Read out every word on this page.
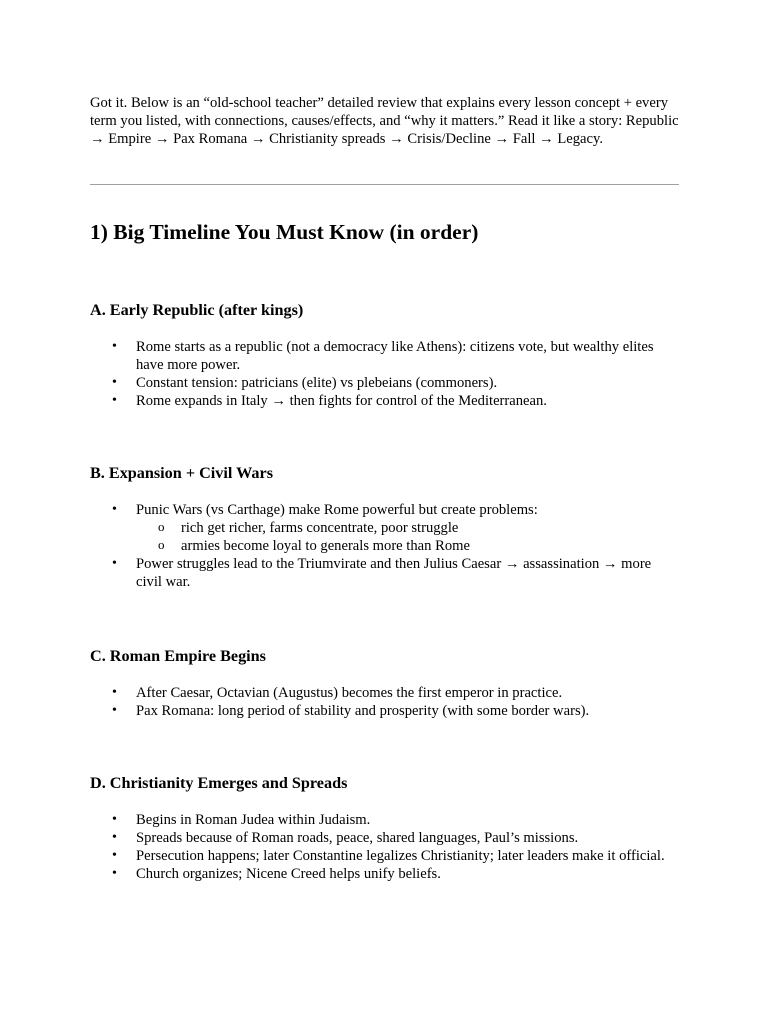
Got it. Below is an “old-school teacher” detailed review that explains every lesson concept + every term you listed, with connections, causes/effects, and “why it matters.” Read it like a story: Republic → Empire → Pax Romana → Christianity spreads → Crisis/Decline → Fall → Legacy.

1) Big Timeline You Must Know (in order)
A. Early Republic (after kings)
• Rome starts as a republic (not a democracy like Athens): citizens vote, but wealthy elites have more power.
• Constant tension: patricians (elite) vs plebeians (commoners).
• Rome expands in Italy → then fights for control of the Mediterranean.
B. Expansion + Civil Wars
• Punic Wars (vs Carthage) make Rome powerful but create problems:
o rich get richer, farms concentrate, poor struggle
o armies become loyal to generals more than Rome
• Power struggles lead to the Triumvirate and then Julius Caesar → assassination → more civil war.
C. Roman Empire Begins
• After Caesar, Octavian (Augustus) becomes the first emperor in practice.
• Pax Romana: long period of stability and prosperity (with some border wars).
D. Christianity Emerges and Spreads
• Begins in Roman Judea within Judaism.
• Spreads because of Roman roads, peace, shared languages, Paul’s missions.
• Persecution happens; later Constantine legalizes Christianity; later leaders make it official.
• Church organizes; Nicene Creed helps unify beliefs.
